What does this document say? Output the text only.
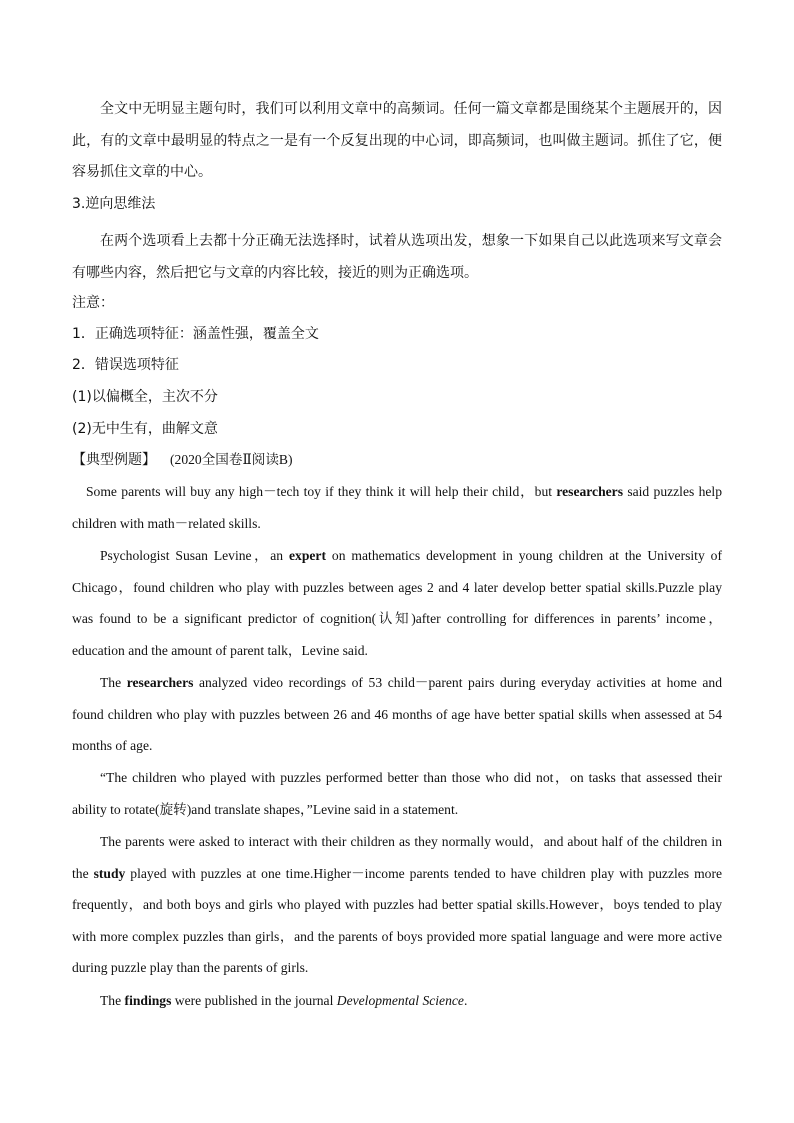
全文中无明显主题句时，我们可以利用文章中的高频词。任何一篇文章都是围绕某个主题展开的，因此，有的文章中最明显的特点之一是有一个反复出现的中心词，即高频词，也叫做主题词。抓住了它，便容易抓住文章的中心。

3.逆向思维法

在两个选项看上去都十分正确无法选择时，试着从选项出发，想象一下如果自己以此选项来写文章会有哪些内容，然后把它与文章的内容比较，接近的则为正确选项。

注意：

1．正确选项特征：涵盖性强，覆盖全文

2．错误选项特征

(1)以偏概全，主次不分

(2)无中生有，曲解文意

【典型例题】 (2020全国卷Ⅱ阅读B)

Some parents will buy any high－tech toy if they think it will help their child，but researchers said puzzles help children with math－related skills.

Psychologist Susan Levine，an expert on mathematics development in young children at the University of Chicago，found children who play with puzzles between ages 2 and 4 later develop better spatial skills.Puzzle play was found to be a significant predictor of cognition(认知)after controlling for differences in parents’ income，education and the amount of parent talk，Levine said.

The researchers analyzed video recordings of 53 child－parent pairs during everyday activities at home and found children who play with puzzles between 26 and 46 months of age have better spatial skills when assessed at 54 months of age.

“The children who played with puzzles performed better than those who did not，on tasks that assessed their ability to rotate(旋转)and translate shapes，”Levine said in a statement.

The parents were asked to interact with their children as they normally would，and about half of the children in the study played with puzzles at one time.Higher－income parents tended to have children play with puzzles more frequently，and both boys and girls who played with puzzles had better spatial skills.However，boys tended to play with more complex puzzles than girls，and the parents of boys provided more spatial language and were more active during puzzle play than the parents of girls.

The findings were published in the journal Developmental Science.
